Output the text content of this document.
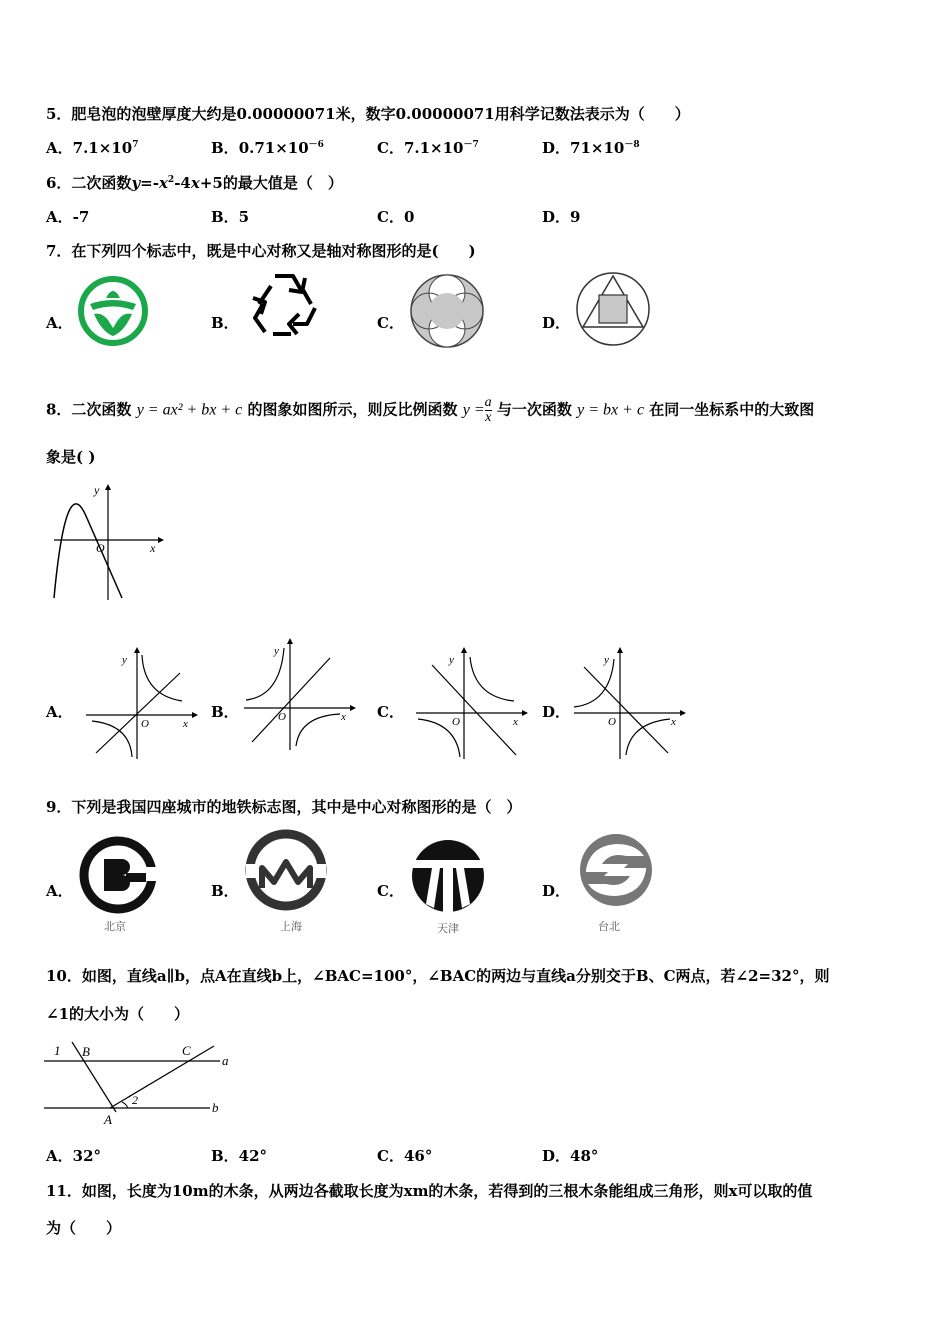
5．肥皂泡的泡壁厚度大约是0.00000071米，数字0.00000071用科学记数法表示为（　　）
A．$7.1\times 10^7$	B．$0.71\times 10^{-6}$	C．$7.1\times 10^{-7}$	D．$71\times 10^{-8}$
6．二次函数$y=-x^2-4x+5$的最大值是（　）
A．-7	B．5	C．0	D．9
7．在下列四个标志中，既是中心对称又是轴对称图形的是(　　)
A．	B．	C．	D．
8．二次函数 y = ax² + bx + c 的图象如图所示，则反比例函数 $y = \frac{a}{x}$ 与一次函数 y = bx + c 在同一坐标系中的大致图
象是( )
x
y
O
A．
x
y
O
B．	x
y
O	C．
x
y
O
D．
x
y
O
9．下列是我国四座城市的地铁标志图，其中是中心对称图形的是（　）
A．
北京
B．
上海
C．
天津
D．
台北
10．如图，直线a∥b，点A在直线b上，∠BAC=100°，∠BAC的两边与直线a分别交于B、C两点，若∠2=32°，则
∠1的大小为（　　）
1 B	C
a
b
A
2
A．32°	B．42°	C．46°	D．48°
11．如图，长度为10m的木条，从两边各截取长度为xm的木条，若得到的三根木条能组成三角形，则x可以取的值
为（　　）
